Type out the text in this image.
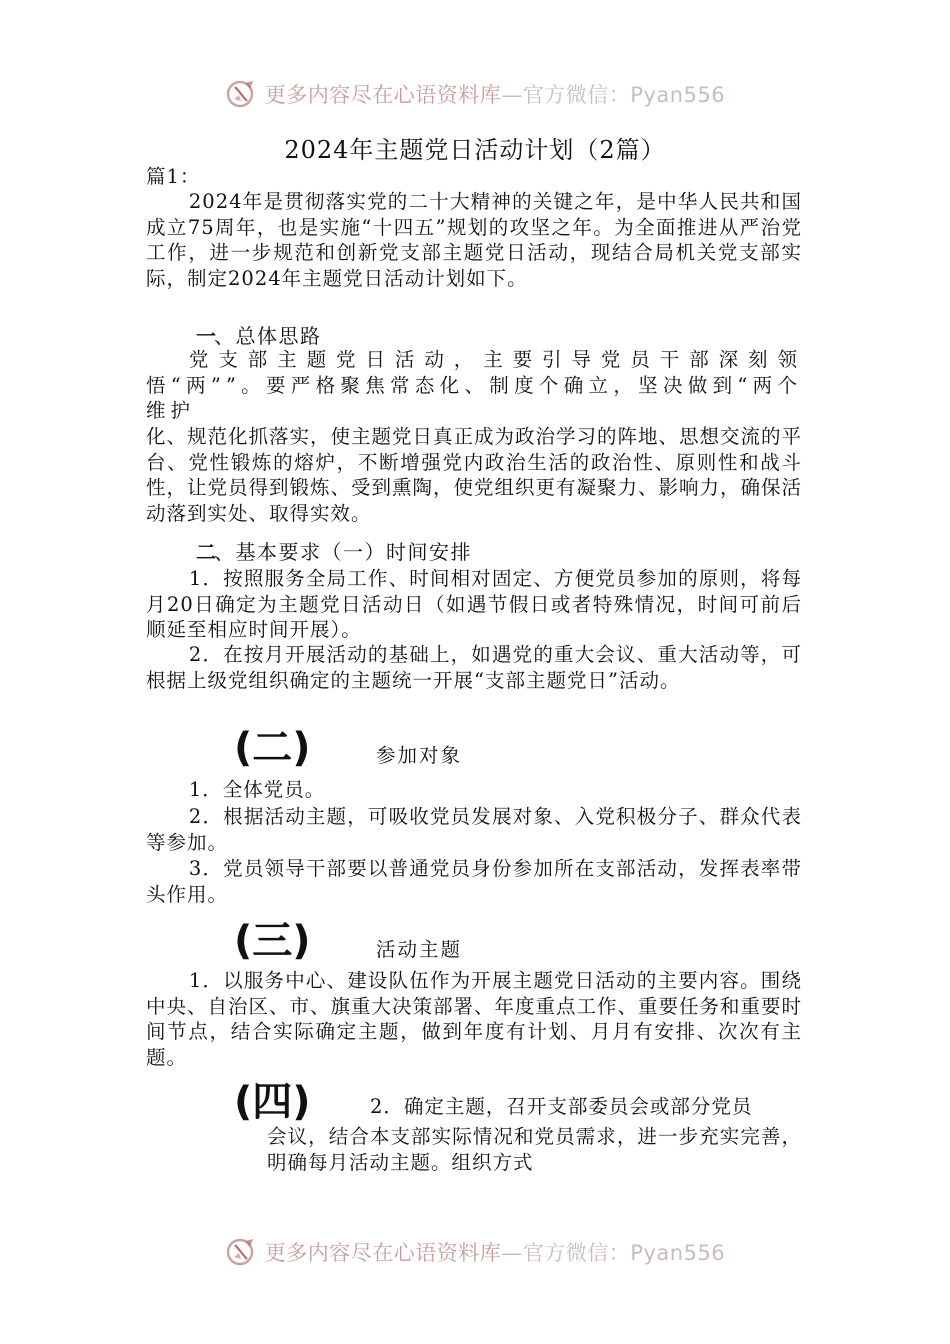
更多内容尽在心语资料库—官方微信：Pyan556
2024年主题党日活动计划（2篇）
篇1：

2024年是贯彻落实党的二十大精神的关键之年，是中华人民共和国成立75周年，也是实施“十四五”规划的攻坚之年。为全面推进从严治党工作，进一步规范和创新党支部主题党日活动，现结合局机关党支部实际，制定2024年主题党日活动计划如下。

一、总体思路

党支部主题党日活动，主要引导党员干部深刻领悟“两””。要严格聚焦常态化、制度个确立，坚决做到“两个维护

化、规范化抓落实，使主题党日真正成为政治学习的阵地、思想交流的平台、党性锻炼的熔炉，不断增强党内政治生活的政治性、原则性和战斗性，让党员得到锻炼、受到熏陶，使党组织更有凝聚力、影响力，确保活动落到实处、取得实效。

二、基本要求（一）时间安排

1．按照服务全局工作、时间相对固定、方便党员参加的原则，将每月20日确定为主题党日活动日（如遇节假日或者特殊情况，时间可前后顺延至相应时间开展）。

2．在按月开展活动的基础上，如遇党的重大会议、重大活动等，可根据上级党组织确定的主题统一开展“支部主题党日”活动。

(二)	参加对象

1．全体党员。

2．根据活动主题，可吸收党员发展对象、入党积极分子、群众代表等参加。

3．党员领导干部要以普通党员身份参加所在支部活动，发挥表率带头作用。

(三)	活动主题

1．以服务中心、建设队伍作为开展主题党日活动的主要内容。围绕中央、自治区、市、旗重大决策部署、年度重点工作、重要任务和重要时间节点，结合实际确定主题，做到年度有计划、月月有安排、次次有主题。

(四)	2．确定主题，召开支部委员会或部分党员

会议，结合本支部实际情况和党员需求，进一步充实完善，明确每月活动主题。组织方式

更多内容尽在心语资料库—官方微信：Pyan556
